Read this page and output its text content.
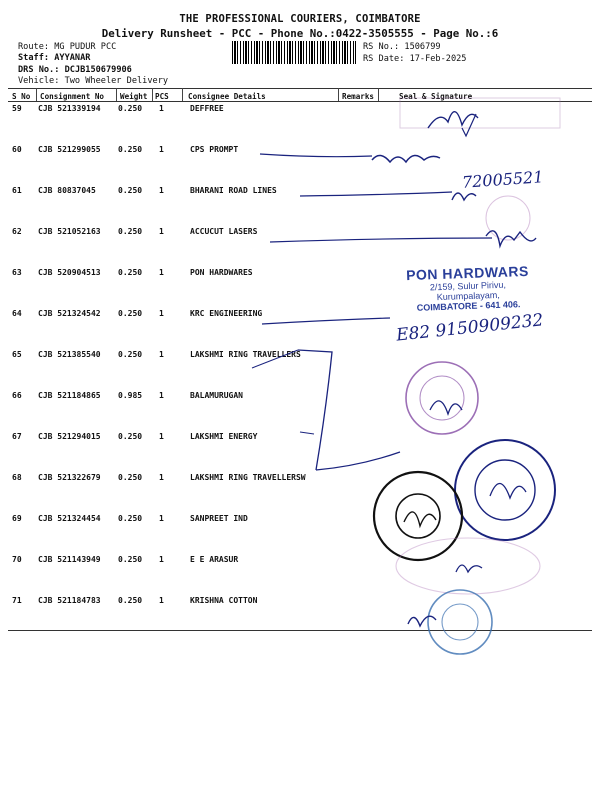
THE PROFESSIONAL COURIERS, COIMBATORE
Delivery Runsheet - PCC - Phone No.:0422-3505555 - Page No.:6
Route: MG PUDUR PCC
Staff: AYYANAR
DRS No.: DCJB150679906
Vehicle: Two Wheeler Delivery
RS No.: 1506799
RS Date: 17-Feb-2025
S No Consignment No Weight PCS	Consignee Details	Remarks	Seal & Signature
59 CJB 521339194 0.250 1	DEFFREE
60 CJB 521299055 0.250 1	CPS PROMPT
61 CJB 80837045	0.250 1	BHARANI ROAD LINES
62 CJB 521052163 0.250 1	ACCUCUT LASERS
63 CJB 520904513 0.250 1	PON HARDWARES
64 CJB 521324542 0.250 1	KRC ENGINEERING
65 CJB 521385540 0.250 1	LAKSHMI RING TRAVELLERS
66 CJB 521184865 0.985 1	BALAMURUGAN
67 CJB 521294015 0.250 1	LAKSHMI ENERGY
68 CJB 521322679 0.250 1	LAKSHMI RING TRAVELLERSW
69 CJB 521324454 0.250 1	SANPREET IND
70 CJB 521143949 0.250 1	E E ARASUR
71 CJB 521184783 0.250 1	KRISHNA COTTON
72005521
E82 9150909232
PON HARDWARS
2/159, Sulur Pirivu,
Kurumpalayam,
COIMBATORE - 641 406.
